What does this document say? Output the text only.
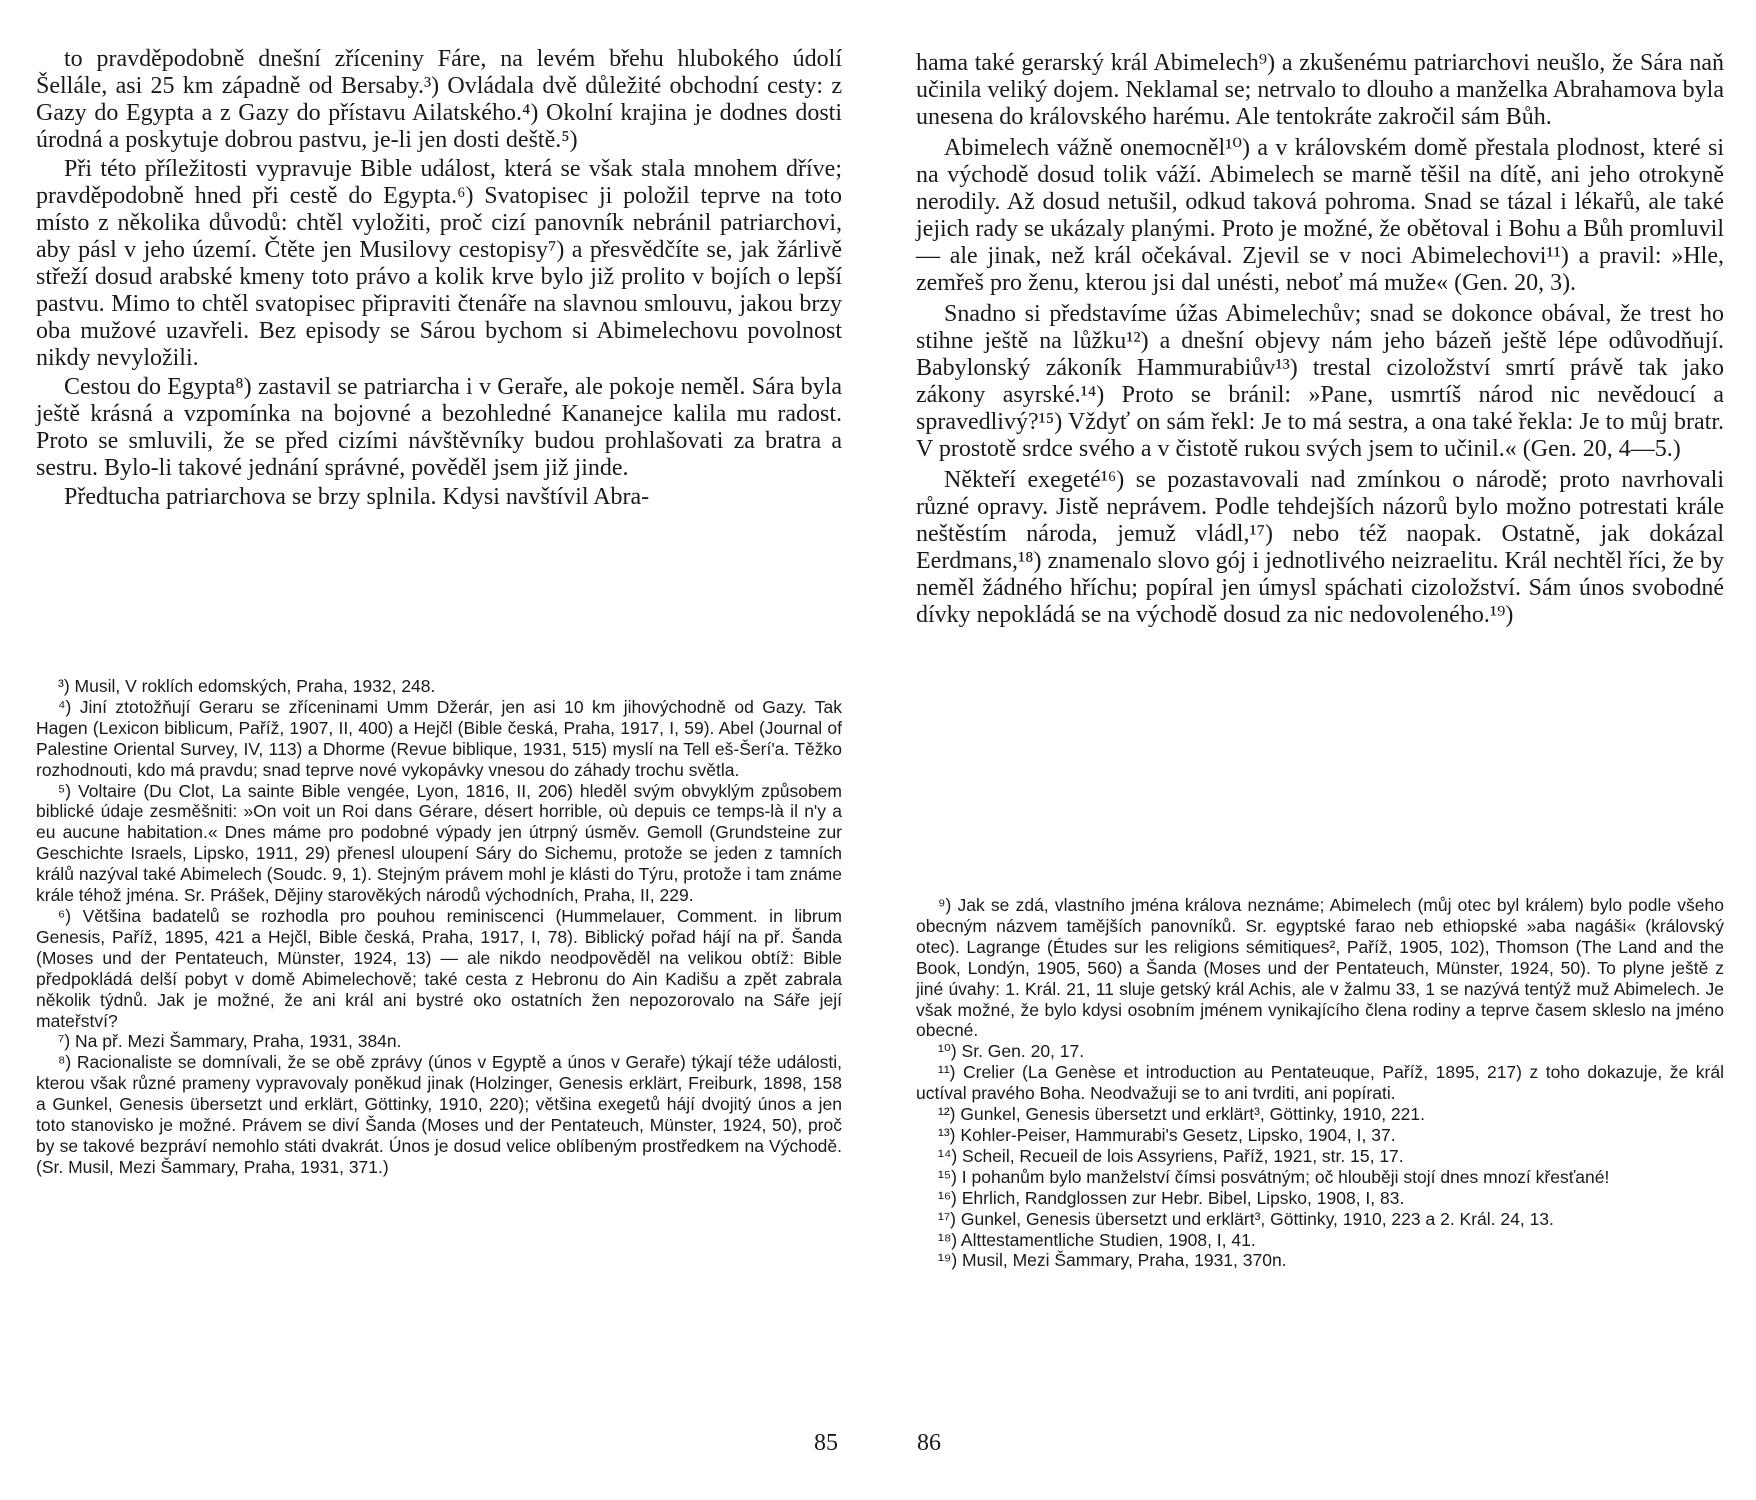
to pravděpodobně dnešní zříceniny Fáre, na levém břehu hlubokého údolí Šellále, asi 25 km západně od Bersaby.³) Ovládala dvě důležité obchodní cesty: z Gazy do Egypta a z Gazy do přístavu Ailatského.⁴) Okolní krajina je dodnes dosti úrodná a poskytuje dobrou pastvu, je-li jen dosti deště.⁵)

Při této příležitosti vypravuje Bible událost, která se však stala mnohem dříve; pravděpodobně hned při cestě do Egypta.⁶) Svatopisec ji položil teprve na toto místo z několika důvodů: chtěl vyložiti, proč cizí panovník nebránil patriarchovi, aby pásl v jeho území. Čtěte jen Musilovy cestopisy⁷) a přesvědčíte se, jak žárlivě střeží dosud arabské kmeny toto právo a kolik krve bylo již prolito v bojích o lepší pastvu. Mimo to chtěl svatopisec připraviti čtenáře na slavnou smlouvu, jakou brzy oba mužové uzavřeli. Bez episody se Sárou bychom si Abimelechovu povolnost nikdy nevyložili.

Cestou do Egypta⁸) zastavil se patriarcha i v Geraře, ale pokoje neměl. Sára byla ještě krásná a vzpomínka na bojovné a bezohledné Kananejce kalila mu radost. Proto se smluvili, že se před cizími návštěvníky budou prohlašovati za bratra a sestru. Bylo-li takové jednání správné, pověděl jsem již jinde.

Předtucha patriarchova se brzy splnila. Kdysi navštívil Abra-

³) Musil, V roklích edomských, Praha, 1932, 248.

⁴) Jiní ztotožňují Geraru se zříceninami Umm Džerár, jen asi 10 km jihovýchodně od Gazy. Tak Hagen (Lexicon biblicum, Paříž, 1907, II, 400) a Hejčl (Bible česká, Praha, 1917, I, 59). Abel (Journal of Palestine Oriental Survey, IV, 113) a Dhorme (Revue biblique, 1931, 515) myslí na Tell eš-Šerí'a. Těžko rozhodnouti, kdo má pravdu; snad teprve nové vykopávky vnesou do záhady trochu světla.

⁵) Voltaire (Du Clot, La sainte Bible vengée, Lyon, 1816, II, 206) hleděl svým obvyklým způsobem biblické údaje zesměšniti: »On voit un Roi dans Gérare, désert horrible, où depuis ce temps-là il n'y a eu aucune habitation.« Dnes máme pro podobné výpady jen útrpný úsměv. Gemoll (Grundsteine zur Geschichte Israels, Lipsko, 1911, 29) přenesl uloupení Sáry do Sichemu, protože se jeden z tamních králů nazýval také Abimelech (Soudc. 9, 1). Stejným právem mohl je klásti do Týru, protože i tam známe krále téhož jména. Sr. Prášek, Dějiny starověkých národů východních, Praha, II, 229.

⁶) Většina badatelů se rozhodla pro pouhou reminiscenci (Hummelauer, Comment. in librum Genesis, Paříž, 1895, 421 a Hejčl, Bible česká, Praha, 1917, I, 78). Biblický pořad hájí na př. Šanda (Moses und der Pentateuch, Münster, 1924, 13) — ale nikdo neodpověděl na velikou obtíž: Bible předpokládá delší pobyt v domě Abimelechově; také cesta z Hebronu do Ain Kadišu a zpět zabrala několik týdnů. Jak je možné, že ani král ani bystré oko ostatních žen nepozorovalo na Sáře její mateřství?

⁷) Na př. Mezi Šammary, Praha, 1931, 384n.

⁸) Racionaliste se domnívali, že se obě zprávy (únos v Egyptě a únos v Geraře) týkají téže události, kterou však různé prameny vypravovaly poněkud jinak (Holzinger, Genesis erklärt, Freiburk, 1898, 158 a Gunkel, Genesis übersetzt und erklärt, Göttinky, 1910, 220); většina exegetů hájí dvojitý únos a jen toto stanovisko je možné. Právem se diví Šanda (Moses und der Pentateuch, Münster, 1924, 50), proč by se takové bezpráví nemohlo státi dvakrát. Únos je dosud velice oblíbeným prostředkem na Východě. (Sr. Musil, Mezi Šammary, Praha, 1931, 371.)

85

hama také gerarský král Abimelech⁹) a zkušenému patriarchovi neušlo, že Sára naň učinila veliký dojem. Neklamal se; netrvalo to dlouho a manželka Abrahamova byla unesena do královského harému. Ale tentokráte zakročil sám Bůh.

Abimelech vážně onemocněl¹⁰) a v královském domě přestala plodnost, které si na východě dosud tolik váží. Abimelech se marně těšil na dítě, ani jeho otrokyně nerodily. Až dosud netušil, odkud taková pohroma. Snad se tázal i lékařů, ale také jejich rady se ukázaly planými. Proto je možné, že obětoval i Bohu a Bůh promluvil — ale jinak, než král očekával. Zjevil se v noci Abimelechovi¹¹) a pravil: »Hle, zemřeš pro ženu, kterou jsi dal unésti, neboť má muže« (Gen. 20, 3).

Snadno si představíme úžas Abimelechův; snad se dokonce obával, že trest ho stihne ještě na lůžku¹²) a dnešní objevy nám jeho bázeň ještě lépe odůvodňují. Babylonský zákoník Hammurabiův¹³) trestal cizoložství smrtí právě tak jako zákony asyrské.¹⁴) Proto se bránil: »Pane, usmrtíš národ nic nevědoucí a spravedlivý?¹⁵) Vždyť on sám řekl: Je to má sestra, a ona také řekla: Je to můj bratr. V prostotě srdce svého a v čistotě rukou svých jsem to učinil.« (Gen. 20, 4—5.)

Někteří exegeté¹⁶) se pozastavovali nad zmínkou o národě; proto navrhovali různé opravy. Jistě neprávem. Podle tehdejších názorů bylo možno potrestati krále neštěstím národa, jemuž vládl,¹⁷) nebo též naopak. Ostatně, jak dokázal Eerdmans,¹⁸) znamenalo slovo gój i jednotlivého neizraelitu. Král nechtěl říci, že by neměl žádného hříchu; popíral jen úmysl spáchati cizoložství. Sám únos svobodné dívky nepokládá se na východě dosud za nic nedovoleného.¹⁹)

⁹) Jak se zdá, vlastního jména králova neznáme; Abimelech (můj otec byl králem) bylo podle všeho obecným názvem tamějších panovníků. Sr. egyptské farao neb ethiopské »aba nagáši« (královský otec). Lagrange (Études sur les religions sémitiques², Paříž, 1905, 102), Thomson (The Land and the Book, Londýn, 1905, 560) a Šanda (Moses und der Pentateuch, Münster, 1924, 50). To plyne ještě z jiné úvahy: 1. Král. 21, 11 sluje getský král Achis, ale v žalmu 33, 1 se nazývá tentýž muž Abimelech. Je však možné, že bylo kdysi osobním jménem vynikajícího člena rodiny a teprve časem skleslo na jméno obecné.

¹⁰) Sr. Gen. 20, 17.

¹¹) Crelier (La Genèse et introduction au Pentateuque, Paříž, 1895, 217) z toho dokazuje, že král uctíval pravého Boha. Neodvažuji se to ani tvrditi, ani popírati.

¹²) Gunkel, Genesis übersetzt und erklärt³, Göttinky, 1910, 221.

¹³) Kohler-Peiser, Hammurabi's Gesetz, Lipsko, 1904, I, 37.

¹⁴) Scheil, Recueil de lois Assyriens, Paříž, 1921, str. 15, 17.

¹⁵) I pohanům bylo manželství čímsi posvátným; oč hlouběji stojí dnes mnozí křesťané!

¹⁶) Ehrlich, Randglossen zur Hebr. Bibel, Lipsko, 1908, I, 83.

¹⁷) Gunkel, Genesis übersetzt und erklärt³, Göttinky, 1910, 223 a 2. Král. 24, 13.

¹⁸) Alttestamentliche Studien, 1908, I, 41.

¹⁹) Musil, Mezi Šammary, Praha, 1931, 370n.

86
